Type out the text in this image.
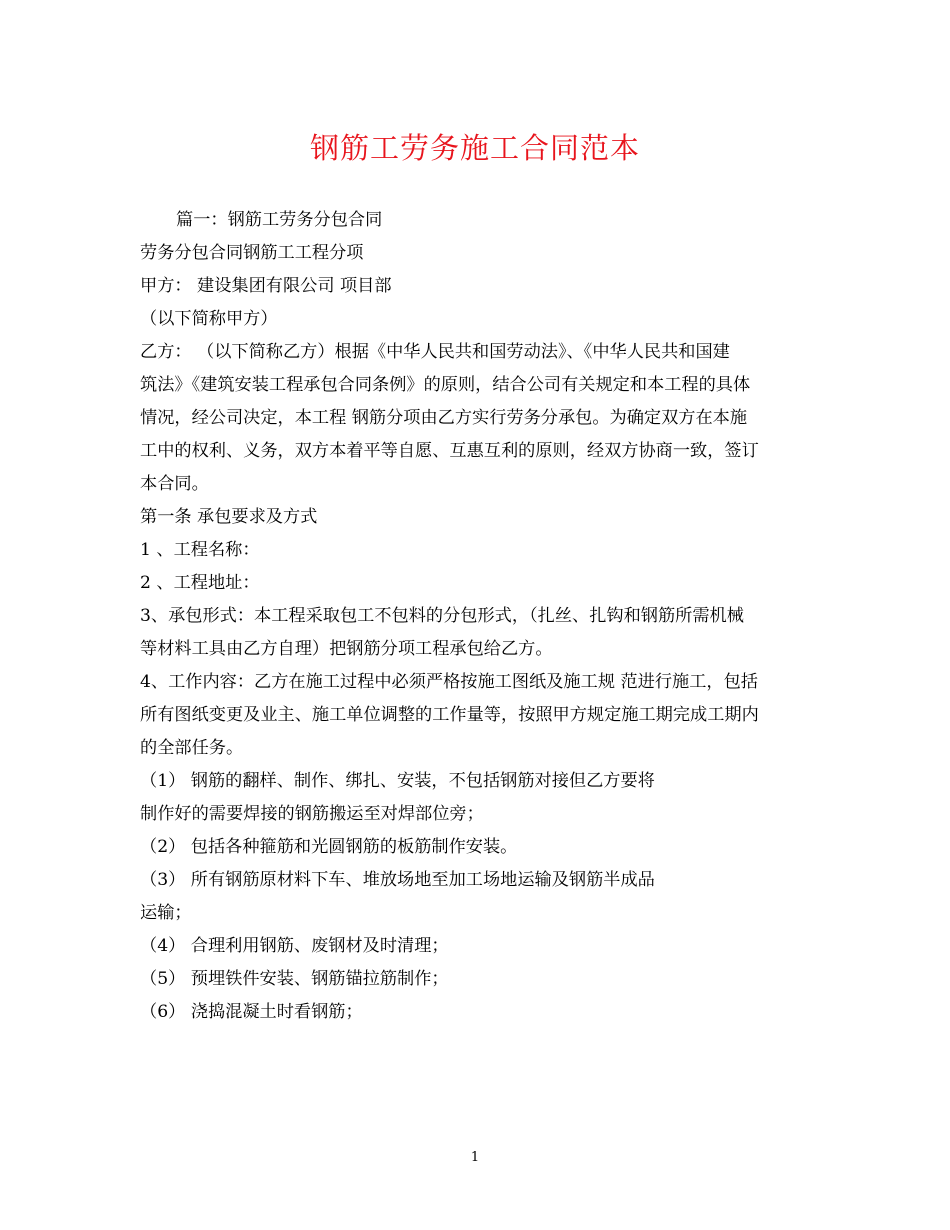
钢筋工劳务施工合同范本
篇一：钢筋工劳务分包合同
劳务分包合同钢筋工工程分项
甲方： 建设集团有限公司 项目部
（以下简称甲方）
乙方： （以下简称乙方）根据《中华人民共和国劳动法》、《中华人民共和国建
筑法》《建筑安装工程承包合同条例》的原则，结合公司有关规定和本工程的具体
情况，经公司决定，本工程 钢筋分项由乙方实行劳务分承包。为确定双方在本施
工中的权利、义务，双方本着平等自愿、互惠互利的原则，经双方协商一致，签订
本合同。
第一条 承包要求及方式
1 、工程名称：
2 、工程地址：
3、承包形式：本工程采取包工不包料的分包形式，（扎丝、扎钩和钢筋所需机械
等材料工具由乙方自理）把钢筋分项工程承包给乙方。
4、工作内容：乙方在施工过程中必须严格按施工图纸及施工规 范进行施工，包括
所有图纸变更及业主、施工单位调整的工作量等，按照甲方规定施工期完成工期内
的全部任务。
（1） 钢筋的翻样、制作、绑扎、安装，不包括钢筋对接但乙方要将
制作好的需要焊接的钢筋搬运至对焊部位旁；
（2） 包括各种箍筋和光圆钢筋的板筋制作安装。
（3） 所有钢筋原材料下车、堆放场地至加工场地运输及钢筋半成品
运输；
（4） 合理利用钢筋、废钢材及时清理；
（5） 预埋铁件安装、钢筋锚拉筋制作；
（6） 浇捣混凝土时看钢筋；
1
